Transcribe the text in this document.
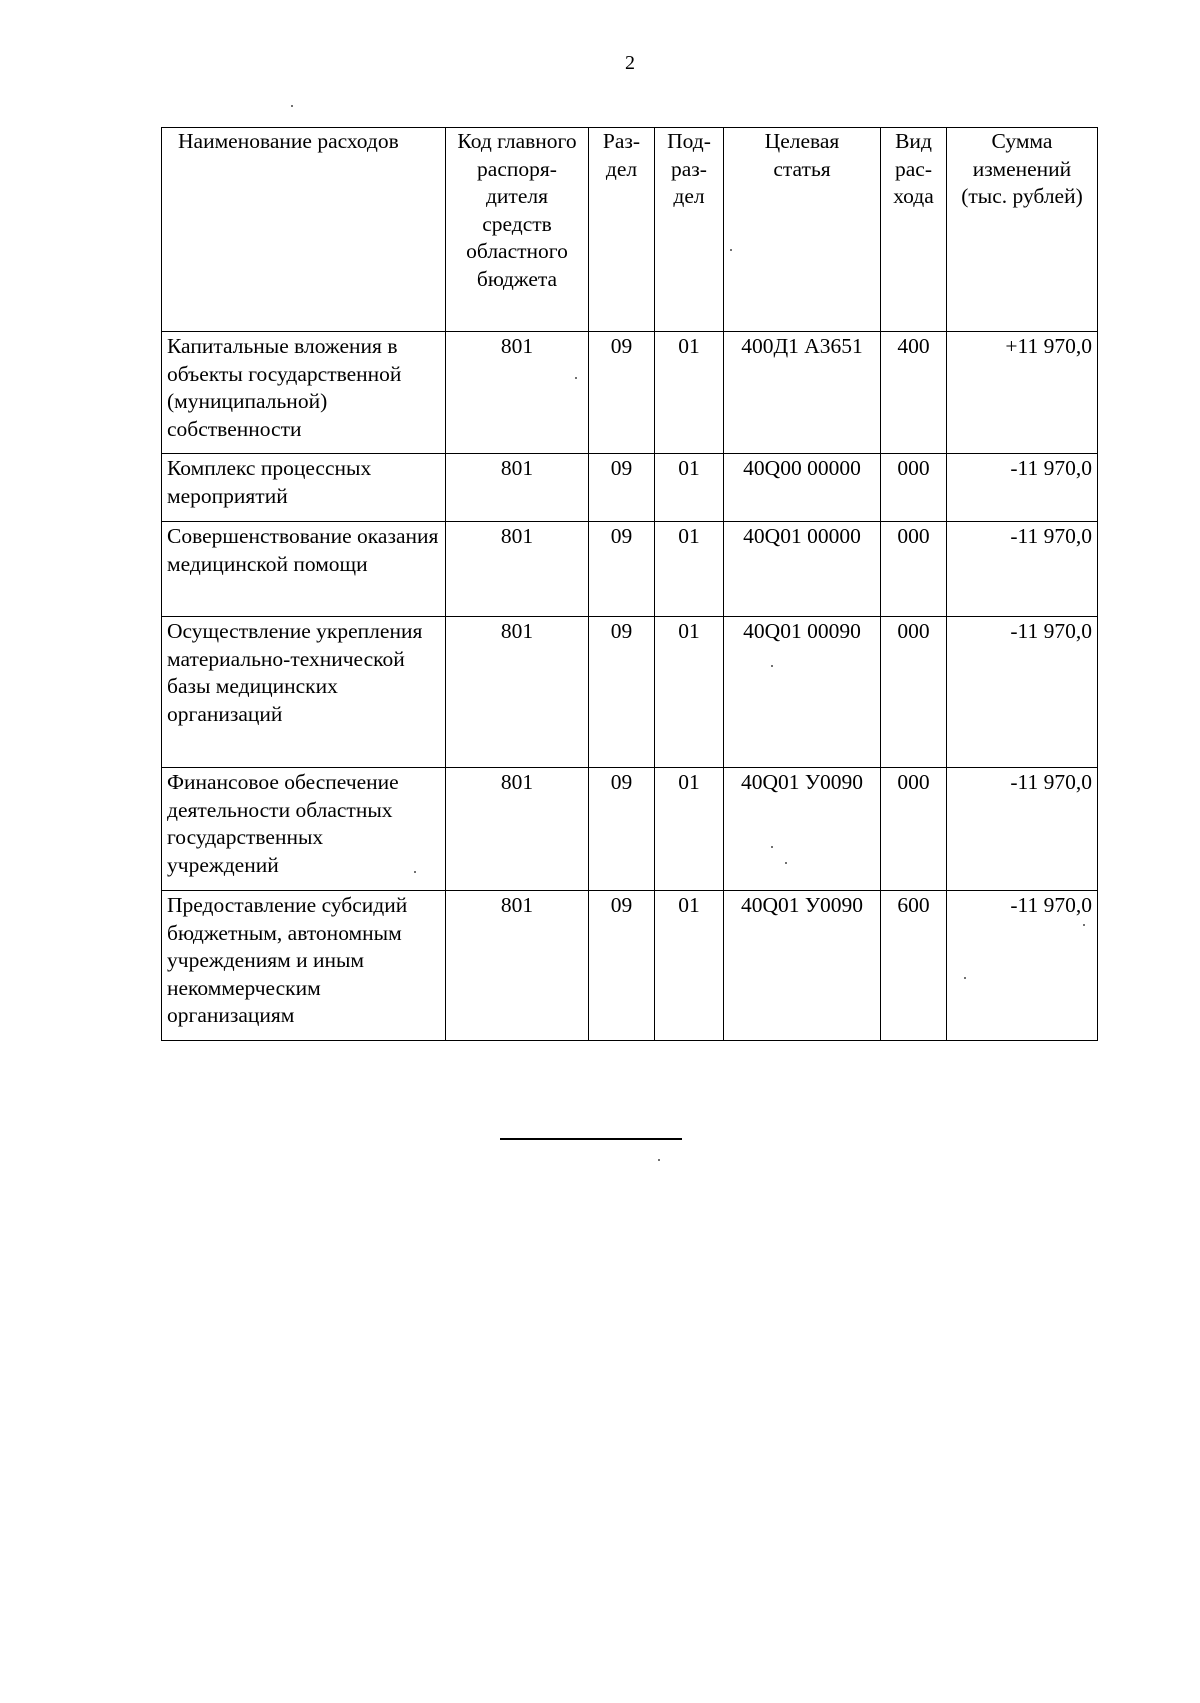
2
Наименование расходов	Код главного распоря-дителя средств областного бюджета	Раз-дел	Под-раз-дел	Целевая статья	Вид рас-хода	Сумма изменений (тыс. рублей)
Капитальные вложения в объекты государственной (муниципальной) собственности	801	09	01	400Д1 А3651	400	+11 970,0
Комплекс процессных мероприятий	801	09	01	40Q00 00000	000	-11 970,0
Совершенствование оказания медицинской помощи	801	09	01	40Q01 00000	000	-11 970,0
Осуществление укрепления материально-технической базы медицинских организаций	801	09	01	40Q01 00090	000	-11 970,0
Финансовое обеспечение деятельности областных государственных учреждений	801	09	01	40Q01 У0090	000	-11 970,0
Предоставление субсидий бюджетным, автономным учреждениям и иным некоммерческим организациям	801	09	01	40Q01 У0090	600	-11 970,0
